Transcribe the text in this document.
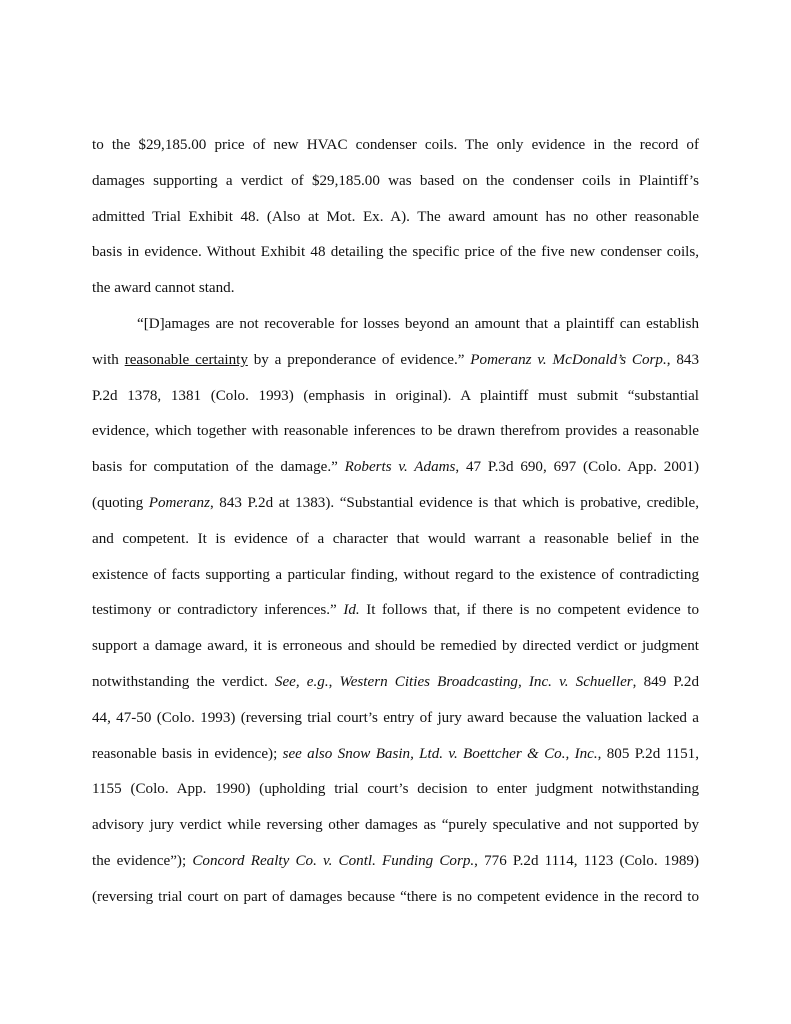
to the $29,185.00 price of new HVAC condenser coils. The only evidence in the record of
damages supporting a verdict of $29,185.00 was based on the condenser coils in Plaintiff’s
admitted Trial Exhibit 48. (Also at Mot. Ex. A). The award amount has no other reasonable
basis in evidence. Without Exhibit 48 detailing the specific price of the five new condenser coils,
the award cannot stand.
“[D]amages are not recoverable for losses beyond an amount that a plaintiff can establish
with reasonable certainty by a preponderance of evidence.” Pomeranz v. McDonald’s Corp., 843
P.2d 1378, 1381 (Colo. 1993) (emphasis in original). A plaintiff must submit “substantial
evidence, which together with reasonable inferences to be drawn therefrom provides a reasonable
basis for computation of the damage.” Roberts v. Adams, 47 P.3d 690, 697 (Colo. App. 2001)
(quoting Pomeranz, 843 P.2d at 1383). “Substantial evidence is that which is probative, credible,
and competent. It is evidence of a character that would warrant a reasonable belief in the
existence of facts supporting a particular finding, without regard to the existence of contradicting
testimony or contradictory inferences.” Id. It follows that, if there is no competent evidence to
support a damage award, it is erroneous and should be remedied by directed verdict or judgment
notwithstanding the verdict. See, e.g., Western Cities Broadcasting, Inc. v. Schueller, 849 P.2d
44, 47-50 (Colo. 1993) (reversing trial court’s entry of jury award because the valuation lacked a
reasonable basis in evidence); see also Snow Basin, Ltd. v. Boettcher & Co., Inc., 805 P.2d 1151,
1155 (Colo. App. 1990) (upholding trial court’s decision to enter judgment notwithstanding
advisory jury verdict while reversing other damages as “purely speculative and not supported by
the evidence”); Concord Realty Co. v. Contl. Funding Corp., 776 P.2d 1114, 1123 (Colo. 1989)
(reversing trial court on part of damages because “there is no competent evidence in the record to
